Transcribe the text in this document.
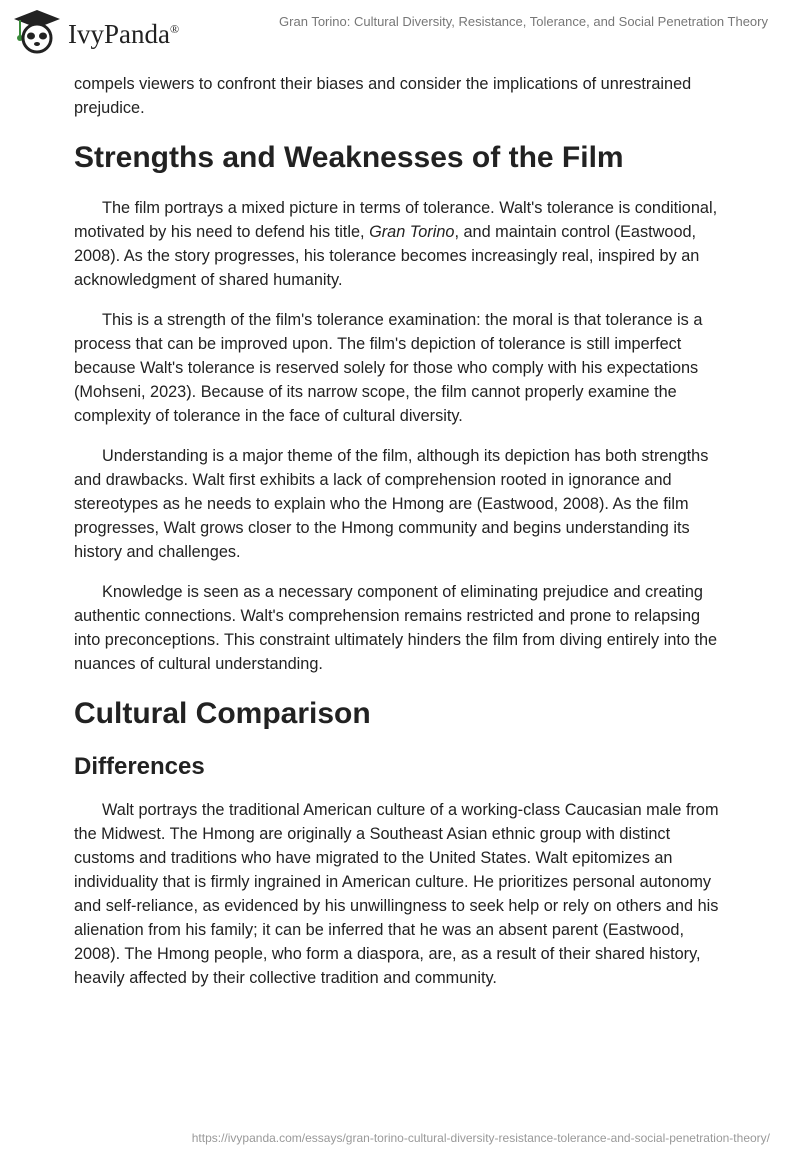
IvyPanda®	Gran Torino: Cultural Diversity, Resistance, Tolerance, and Social Penetration Theory

compels viewers to confront their biases and consider the implications of unrestrained prejudice.

Strengths and Weaknesses of the Film

The film portrays a mixed picture in terms of tolerance. Walt's tolerance is conditional, motivated by his need to defend his title, Gran Torino, and maintain control (Eastwood, 2008). As the story progresses, his tolerance becomes increasingly real, inspired by an acknowledgment of shared humanity.

This is a strength of the film's tolerance examination: the moral is that tolerance is a process that can be improved upon. The film's depiction of tolerance is still imperfect because Walt's tolerance is reserved solely for those who comply with his expectations (Mohseni, 2023). Because of its narrow scope, the film cannot properly examine the complexity of tolerance in the face of cultural diversity.

Understanding is a major theme of the film, although its depiction has both strengths and drawbacks. Walt first exhibits a lack of comprehension rooted in ignorance and stereotypes as he needs to explain who the Hmong are (Eastwood, 2008). As the film progresses, Walt grows closer to the Hmong community and begins understanding its history and challenges.

Knowledge is seen as a necessary component of eliminating prejudice and creating authentic connections. Walt's comprehension remains restricted and prone to relapsing into preconceptions. This constraint ultimately hinders the film from diving entirely into the nuances of cultural understanding.

Cultural Comparison
Differences

Walt portrays the traditional American culture of a working-class Caucasian male from the Midwest. The Hmong are originally a Southeast Asian ethnic group with distinct customs and traditions who have migrated to the United States. Walt epitomizes an individuality that is firmly ingrained in American culture. He prioritizes personal autonomy and self-reliance, as evidenced by his unwillingness to seek help or rely on others and his alienation from his family; it can be inferred that he was an absent parent (Eastwood, 2008). The Hmong people, who form a diaspora, are, as a result of their shared history, heavily affected by their collective tradition and community.

https://ivypanda.com/essays/gran-torino-cultural-diversity-resistance-tolerance-and-social-penetration-theory/
